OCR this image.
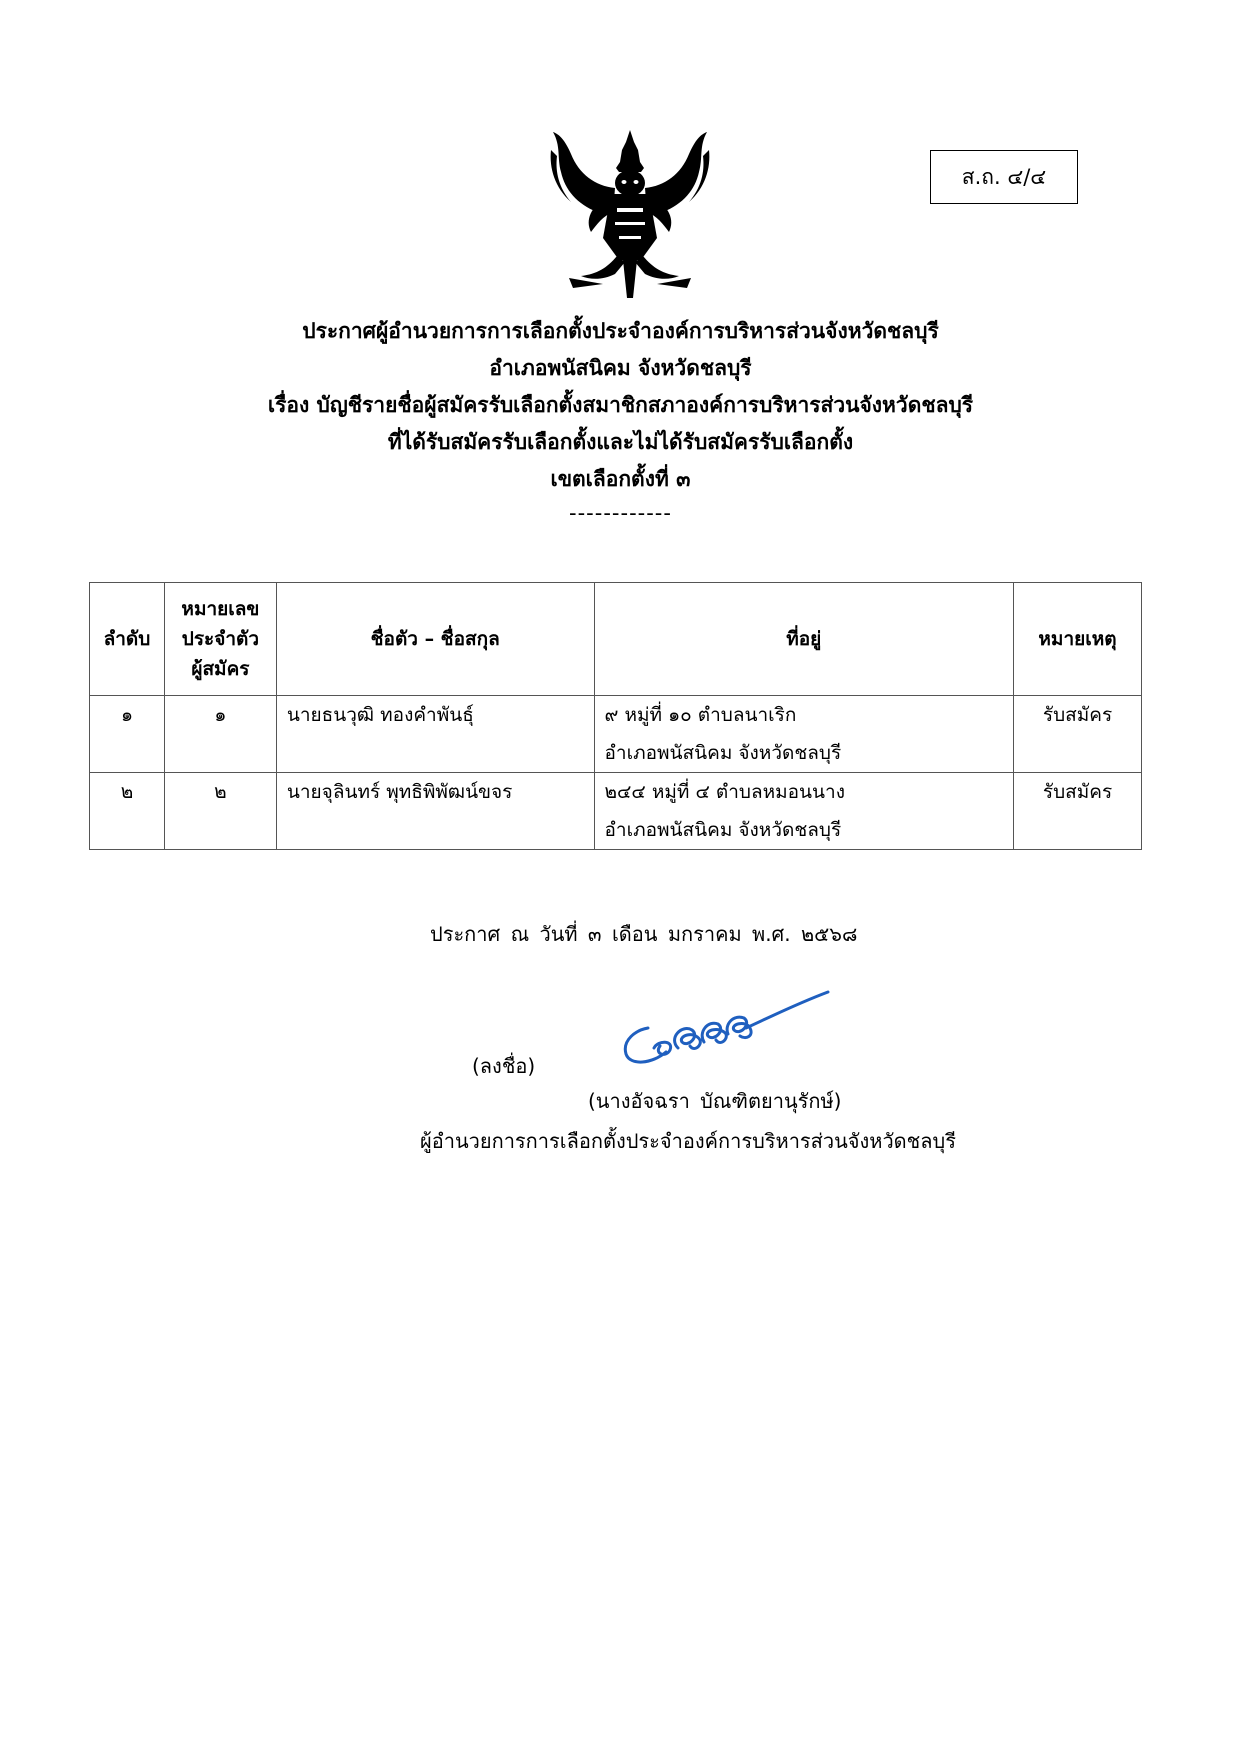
ส.ถ. ๔/๔
ประกาศผู้อำนวยการการเลือกตั้งประจำองค์การบริหารส่วนจังหวัดชลบุรี
อำเภอพนัสนิคม จังหวัดชลบุรี
เรื่อง บัญชีรายชื่อผู้สมัครรับเลือกตั้งสมาชิกสภาองค์การบริหารส่วนจังหวัดชลบุรี
ที่ได้รับสมัครรับเลือกตั้งและไม่ได้รับสมัครรับเลือกตั้ง
เขตเลือกตั้งที่ ๓
------------
ลำดับ	หมายเลข
ประจำตัว
ผู้สมัคร	ชื่อตัว – ชื่อสกุล	ที่อยู่	หมายเหตุ
๑	๑	นายธนวุฒิ ทองคำพันธุ์	๙ หมู่ที่ ๑๐ ตำบลนาเริก
อำเภอพนัสนิคม จังหวัดชลบุรี	รับสมัคร
๒	๒	นายจุลินทร์ พุทธิพิพัฒน์ขจร	๒๔๔ หมู่ที่ ๔ ตำบลหมอนนาง
อำเภอพนัสนิคม จังหวัดชลบุรี	รับสมัคร
ประกาศ ณ วันที่ ๓ เดือน มกราคม พ.ศ. ๒๕๖๘
(ลงชื่อ)
(นางอัจฉรา บัณฑิตยานุรักษ์)
ผู้อำนวยการการเลือกตั้งประจำองค์การบริหารส่วนจังหวัดชลบุรี
